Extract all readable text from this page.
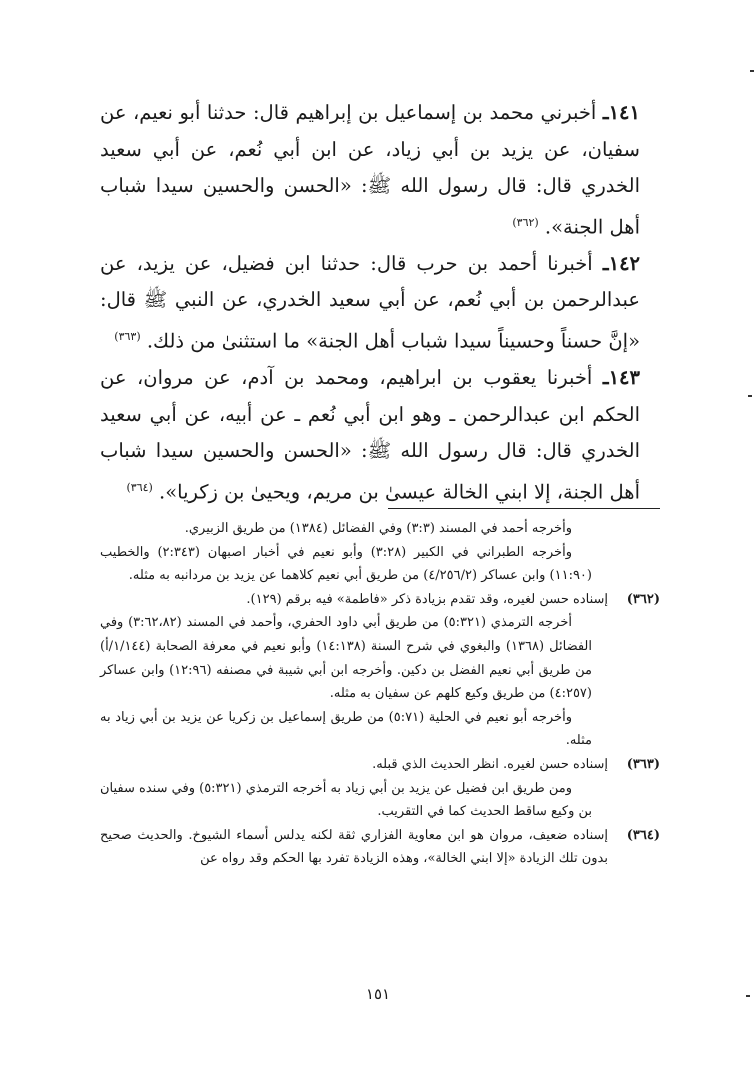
١٤١ـ أخبرني محمد بن إسماعيل بن إبراهيم قال: حدثنا أبو نعيم، عن سفيان، عن يزيد بن أبي زياد، عن ابن أبي نُعم، عن أبي سعيد الخدري قال: قال رسول الله ﷺ: «الحسن والحسين سيدا شباب أهل الجنة». $^{(٣٦٢)}$

١٤٢ـ أخبرنا أحمد بن حرب قال: حدثنا ابن فضيل، عن يزيد، عن عبدالرحمن بن أبي نُعم، عن أبي سعيد الخدري، عن النبي ﷺ قال: «إنَّ حسناً وحسيناً سيدا شباب أهل الجنة» ما استثنىٰ من ذلك. $^{(٣٦٣)}$

١٤٣ـ أخبرنا يعقوب بن ابراهيم، ومحمد بن آدم، عن مروان، عن الحكم ابن عبدالرحمن ـ وهو ابن أبي نُعم ـ عن أبيه، عن أبي سعيد الخدري قال: قال رسول الله ﷺ: «الحسن والحسين سيدا شباب أهل الجنة، إلا ابني الخالة عيسىٰ بن مريم، ويحيىٰ بن زكريا». $^{(٣٦٤)}$

وأخرجه أحمد في المسند (٣:٣) وفي الفضائل (١٣٨٤) من طريق الزبيري.
وأخرجه الطبراني في الكبير (٣:٢٨) وأبو نعيم في أخبار اصبهان (٢:٣٤٣) والخطيب (١١:٩٠) وابن عساكر (٤/٢٥٦/٢) من طريق أبي نعيم كلاهما عن يزيد بن مردانبه به مثله.
(٣٦٢)
إسناده حسن لغيره، وقد تقدم بزيادة ذكر «فاطمة» فيه برقم (١٢٩).
أخرجه الترمذي (٥:٣٢١) من طريق أبي داود الحفري، وأحمد في المسند (٣:٦٢،٨٢) وفي الفضائل (١٣٦٨) والبغوي في شرح السنة (١٤:١٣٨) وأبو نعيم في معرفة الصحابة (١/١٤٤/أ) من طريق أبي نعيم الفضل بن دكين. وأخرجه ابن أبي شيبة في مصنفه (١٢:٩٦) وابن عساكر (٤:٢٥٧) من طريق وكيع كلهم عن سفيان به مثله.
وأخرجه أبو نعيم في الحلية (٥:٧١) من طريق إسماعيل بن زكريا عن يزيد بن أبي زياد به مثله.
(٣٦٣)
إسناده حسن لغيره. انظر الحديث الذي قبله.
ومن طريق ابن فضيل عن يزيد بن أبي زياد به أخرجه الترمذي (٥:٣٢١) وفي سنده سفيان بن وكيع ساقط الحديث كما في التقريب.
(٣٦٤)
إسناده ضعيف، مروان هو ابن معاوية الفزاري ثقة لكنه يدلس أسماء الشيوخ. والحديث صحيح بدون تلك الزيادة «إلا ابني الخالة»، وهذه الزيادة تفرد بها الحكم وقد رواه عن
١٥١
